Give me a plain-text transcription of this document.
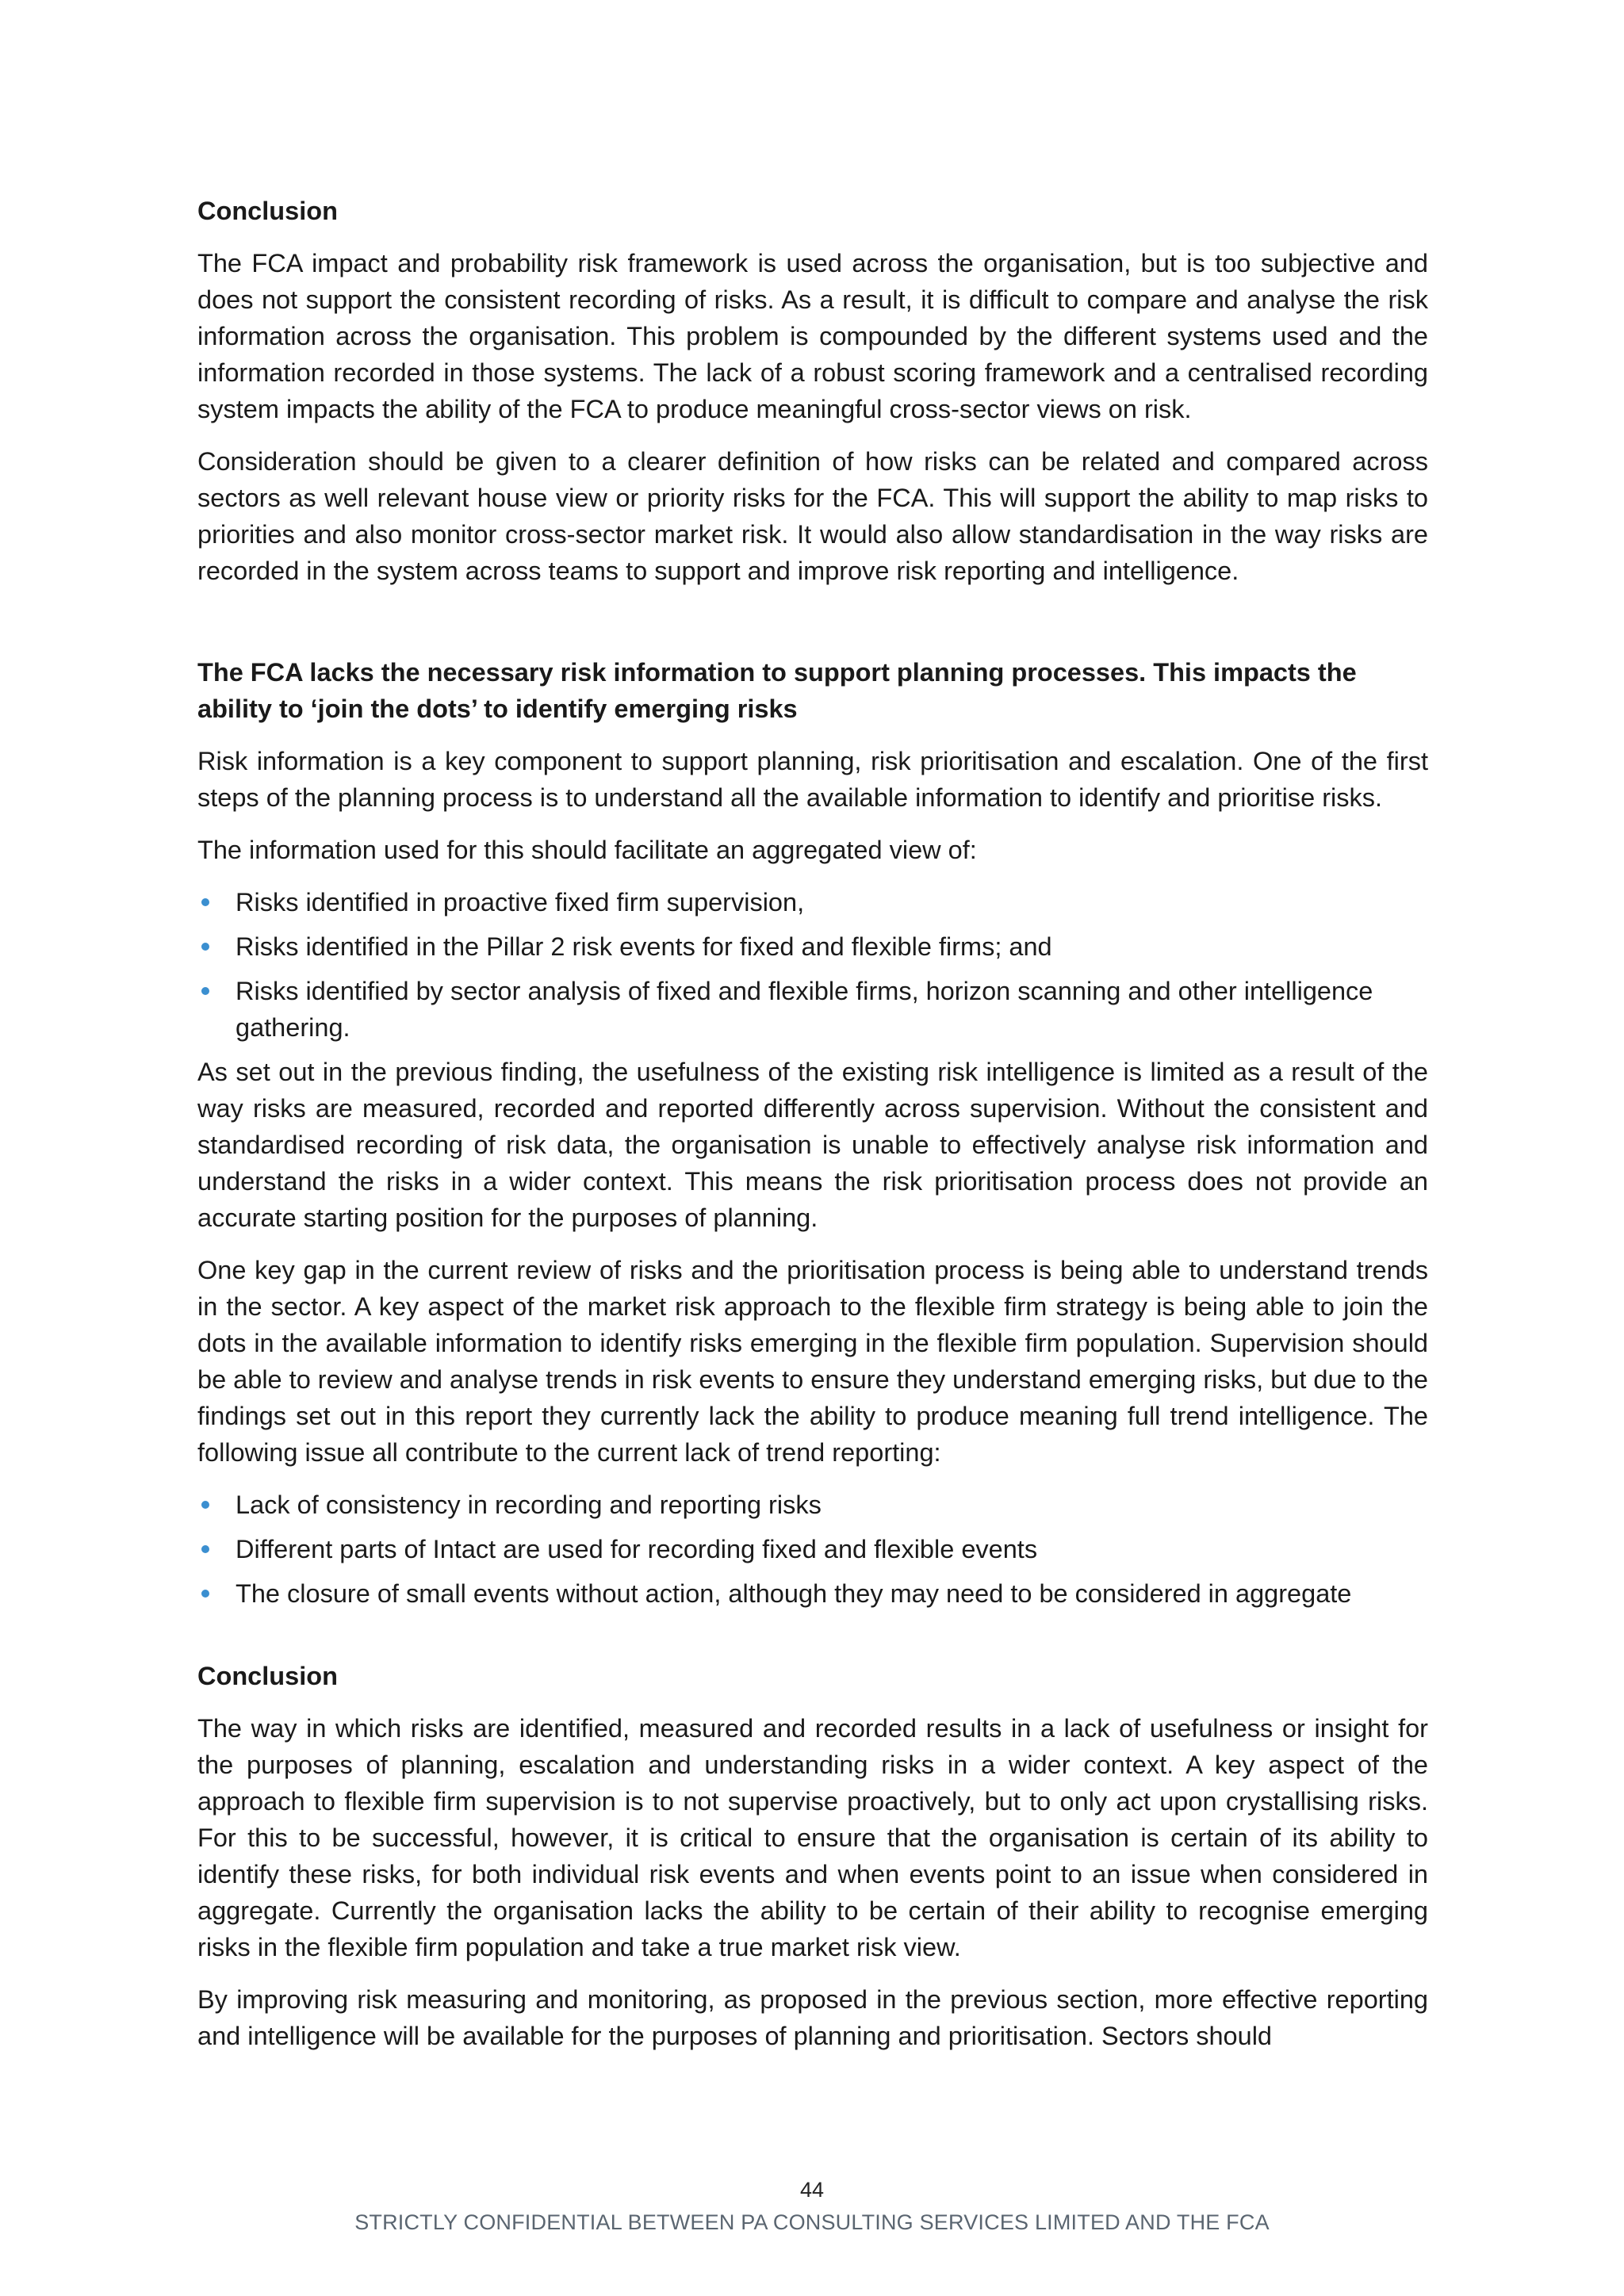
Conclusion

The FCA impact and probability risk framework is used across the organisation, but is too subjective and does not support the consistent recording of risks. As a result, it is difficult to compare and analyse the risk information across the organisation. This problem is compounded by the different systems used and the information recorded in those systems. The lack of a robust scoring framework and a centralised recording system impacts the ability of the FCA to produce meaningful cross-sector views on risk.

Consideration should be given to a clearer definition of how risks can be related and compared across sectors as well relevant house view or priority risks for the FCA. This will support the ability to map risks to priorities and also monitor cross-sector market risk. It would also allow standardisation in the way risks are recorded in the system across teams to support and improve risk reporting and intelligence.

The FCA lacks the necessary risk information to support planning processes. This impacts the ability to ‘join the dots’ to identify emerging risks

Risk information is a key component to support planning, risk prioritisation and escalation. One of the first steps of the planning process is to understand all the available information to identify and prioritise risks.

The information used for this should facilitate an aggregated view of:

Risks identified in proactive fixed firm supervision,
Risks identified in the Pillar 2 risk events for fixed and flexible firms; and
Risks identified by sector analysis of fixed and flexible firms, horizon scanning and other intelligence gathering.

As set out in the previous finding, the usefulness of the existing risk intelligence is limited as a result of the way risks are measured, recorded and reported differently across supervision. Without the consistent and standardised recording of risk data, the organisation is unable to effectively analyse risk information and understand the risks in a wider context. This means the risk prioritisation process does not provide an accurate starting position for the purposes of planning.

One key gap in the current review of risks and the prioritisation process is being able to understand trends in the sector. A key aspect of the market risk approach to the flexible firm strategy is being able to join the dots in the available information to identify risks emerging in the flexible firm population. Supervision should be able to review and analyse trends in risk events to ensure they understand emerging risks, but due to the findings set out in this report they currently lack the ability to produce meaning full trend intelligence. The following issue all contribute to the current lack of trend reporting:

Lack of consistency in recording and reporting risks
Different parts of Intact are used for recording fixed and flexible events
The closure of small events without action, although they may need to be considered in aggregate
Conclusion

The way in which risks are identified, measured and recorded results in a lack of usefulness or insight for the purposes of planning, escalation and understanding risks in a wider context. A key aspect of the approach to flexible firm supervision is to not supervise proactively, but to only act upon crystallising risks. For this to be successful, however, it is critical to ensure that the organisation is certain of its ability to identify these risks, for both individual risk events and when events point to an issue when considered in aggregate. Currently the organisation lacks the ability to be certain of their ability to recognise emerging risks in the flexible firm population and take a true market risk view.

By improving risk measuring and monitoring, as proposed in the previous section, more effective reporting and intelligence will be available for the purposes of planning and prioritisation. Sectors should

44
STRICTLY CONFIDENTIAL BETWEEN PA CONSULTING SERVICES LIMITED AND THE FCA
